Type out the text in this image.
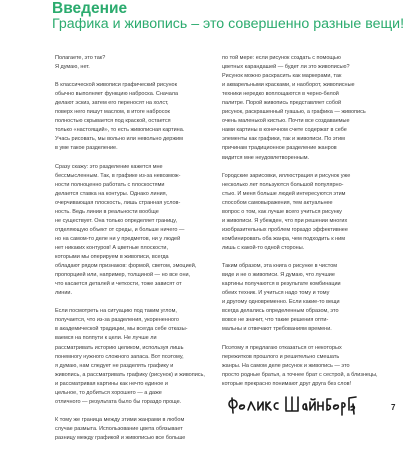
Введение
Графика и живопись – это совершенно разные вещи!

Полагаете, это так?
Я думаю, нет.

В классической живописи графический рисунок
обычно выполняет функцию наброска. Сначала
делают эскиз, затем его переносят на холст,
поверх него пишут маслом, в итоге набросок
полностью скрывается под краской, остается
только «настоящий», то есть живописная картина.
Учась рисовать, мы вольно или невольно держим
в уме такое разделение.

Сразу скажу: это разделение кажется мне
бессмысленным. Так, в графике из-за невозмож-
ности полноценно работать с плоскостями
делается ставка на контуры. Однако линия,
очерчивающая плоскость, лишь странная услов-
ность. Ведь линии в реальности вообще
не существует. Она только определяет границу,
отделяющую объект от среды, и больше ничего —
но на самом-то деле ни у предметов, ни у людей
нет никаких контуров! А цветные плоскости,
которыми мы оперируем в живописи, всегда
обладают рядом признаков: формой, светом, эмоцией,
пропорцией или, например, толщиной — но все они,
что касается деталей и четкости, тоже зависят от
линии.

Если посмотреть на ситуацию под таким углом,
получается, что из-за разделения, укорененного
в академической традиции, мы всегда себе отказы-
ваемся на полпути к цели. Не лучше ли
рассматривать историю целиком, используя лишь
понемногу нужного сложного запаса. Вот поэтому,
я думаю, нам следует не разделять графику и
живопись, а рассматривать графику (рисунок) и живопись,
и рассматривая картины как нечто единое и
цельное, то добиться хорошего — а даже
отличного — результата было бы гораздо проще.

К тому же граница между этими жанрами в любом
случае размыта. Использование цвета обязывает
разницу между графикой и живописью все больше

по той мере: если рисунок создать с помощью
цветных карандашей — будет ли это живописью?
Рисунок можно раскрасить как маркерами, так
и акварельными красками, и наоборот, живописные
техники нередко воплощаются в черно-белой
палитре. Порой живопись представляет собой
рисунок, раскрашенный гуашью, а графика — живопись
очень маленькой кистью. Почти все создаваемые
нами картины в конечном счете содержат в себе
элементы как графики, так и живописи. По этим
причинам традиционное разделение жанров
видится мне неудовлетворенным.

Городские зарисовки, иллюстрация и рисунок уже
несколько лет пользуются большой популярно-
стью. И меня больше людей интересуются этим
способом самовыражения, тем актуальнее
вопрос о том, как лучше всего учиться рисунку
и живописи. Я убежден, что при решении многих
изобразительных проблем гораздо эффективнее
комбинировать оба жанра, чем подходить к ним
лишь с какой-то одной стороны.

Таким образом, эта книга о рисунке в чистом
виде и не о живописи. Я думаю, что лучшие
картины получаются в результате комбинации
обеих техник. И учиться надо тому и тому
и другому одновременно. Если какие-то вещи
всегда делались определенным образом, это
вовсе не значит, что такие решения опти-
мальны и отвечают требованиям времени.

Поэтому я предлагаю отказаться от некоторых
пережитков прошлого и решительно смешать
жанры. На самом деле рисунок и живопись — это
просто родные братья, а точнее брат с сестрой, а близнецы,
которые прекрасно понимают друг друга без слов!

7
